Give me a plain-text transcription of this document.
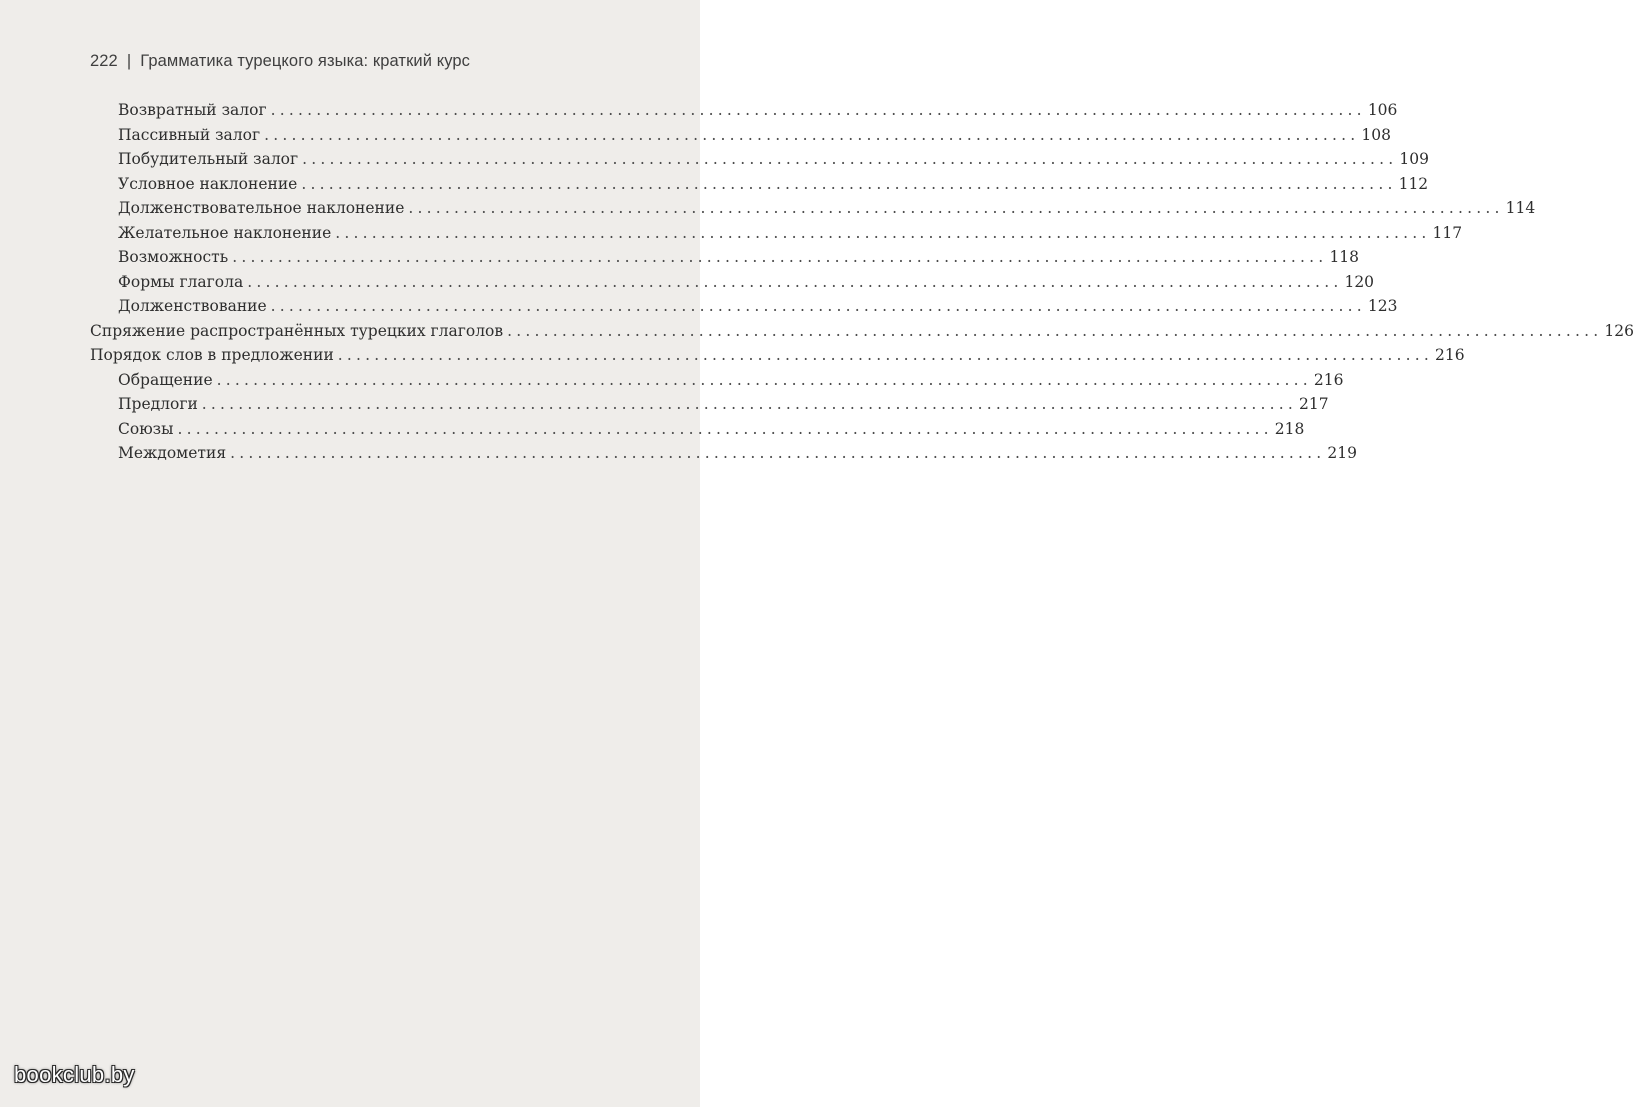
222 | Грамматика турецкого языка: краткий курс
Возвратный залог ........................................................................................................................ 106
Пассивный залог ........................................................................................................................ 108
Побудительный залог ........................................................................................................................ 109
Условное наклонение ........................................................................................................................ 112
Долженствовательное наклонение ........................................................................................................................ 114
Желательное наклонение ........................................................................................................................ 117
Возможность ........................................................................................................................ 118
Формы глагола ........................................................................................................................ 120
Долженствование ........................................................................................................................ 123
Спряжение распространённых турецких глаголов ........................................................................................................................ 126
Порядок слов в предложении ........................................................................................................................ 216
Обращение ........................................................................................................................ 216
Предлоги ........................................................................................................................ 217
Союзы ........................................................................................................................ 218
Междометия ........................................................................................................................ 219
bookclub.by
